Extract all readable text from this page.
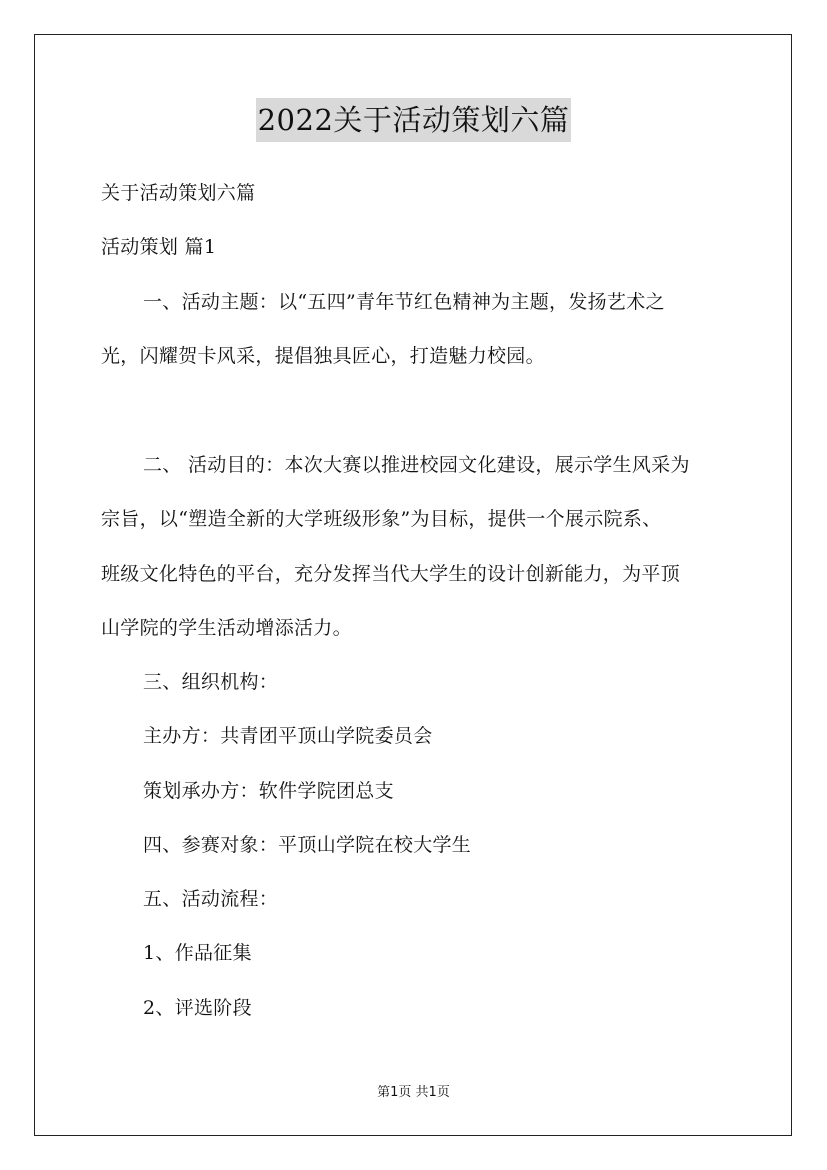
2022关于活动策划六篇
关于活动策划六篇
活动策划 篇1
一、活动主题：以“五四”青年节红色精神为主题，发扬艺术之
光，闪耀贺卡风采，提倡独具匠心，打造魅力校园。
二、 活动目的：本次大赛以推进校园文化建设，展示学生风采为
宗旨，以“塑造全新的大学班级形象”为目标，提供一个展示院系、
班级文化特色的平台，充分发挥当代大学生的设计创新能力，为平顶
山学院的学生活动增添活力。
三、组织机构：
主办方：共青团平顶山学院委员会
策划承办方：软件学院团总支
四、参赛对象：平顶山学院在校大学生
五、活动流程：
1、作品征集
2、评选阶段
第1页 共1页
